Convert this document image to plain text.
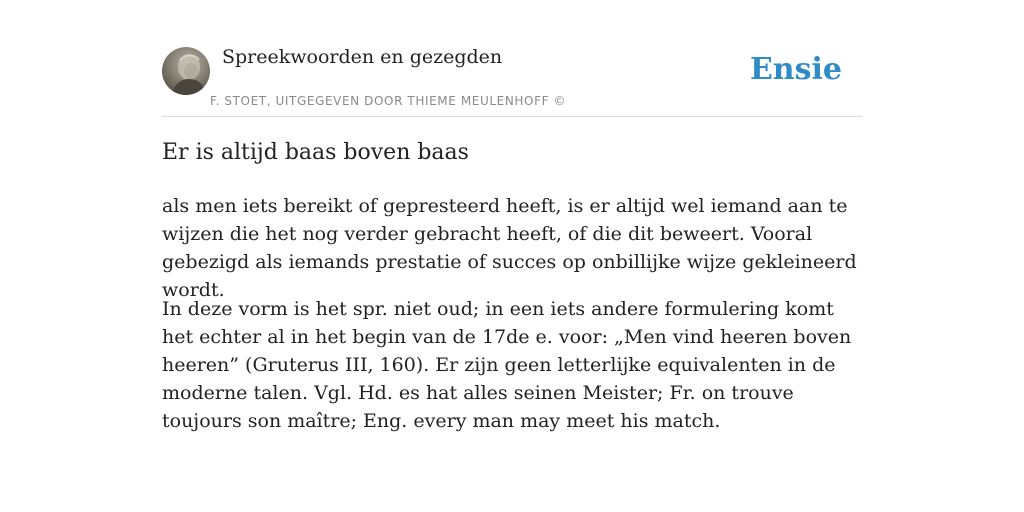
Spreekwoorden en gezegden
F. STOET, UITGEGEVEN DOOR THIEME MEULENHOFF ©
Ensie
Er is altijd baas boven baas

als men iets bereikt of gepresteerd heeft, is er altijd wel iemand aan te wijzen die het nog verder gebracht heeft, of die dit beweert. Vooral gebezigd als iemands prestatie of succes op onbillijke wijze gekleineerd wordt.

In deze vorm is het spr. niet oud; in een iets andere formulering komt het echter al in het begin van de 17de e. voor: „Men vind heeren boven heeren” (Gruterus III, 160). Er zijn geen letterlijke equivalenten in de moderne talen. Vgl. Hd. es hat alles seinen Meister; Fr. on trouve toujours son maître; Eng. every man may meet his match.
